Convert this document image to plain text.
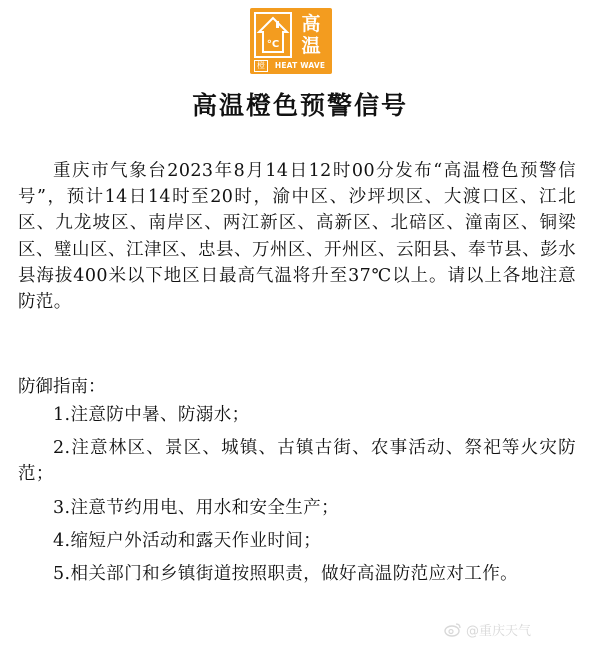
°C
高温
橙	HEAT WAVE
高温橙色预警信号

重庆市气象台2023年8月14日12时00分发布“高温橙色预警信号”，预计14日14时至20时，渝中区、沙坪坝区、大渡口区、江北区、九龙坡区、南岸区、两江新区、高新区、北碚区、潼南区、铜梁区、璧山区、江津区、忠县、万州区、开州区、云阳县、奉节县、彭水县海拔400米以下地区日最高气温将升至37℃以上。请以上各地注意防范。

防御指南：

1.注意防中暑、防溺水；
2.注意林区、景区、城镇、古镇古街、农事活动、祭祀等火灾防范；
3.注意节约用电、用水和安全生产；
4.缩短户外活动和露天作业时间；
5.相关部门和乡镇街道按照职责，做好高温防范应对工作。
@重庆天气
